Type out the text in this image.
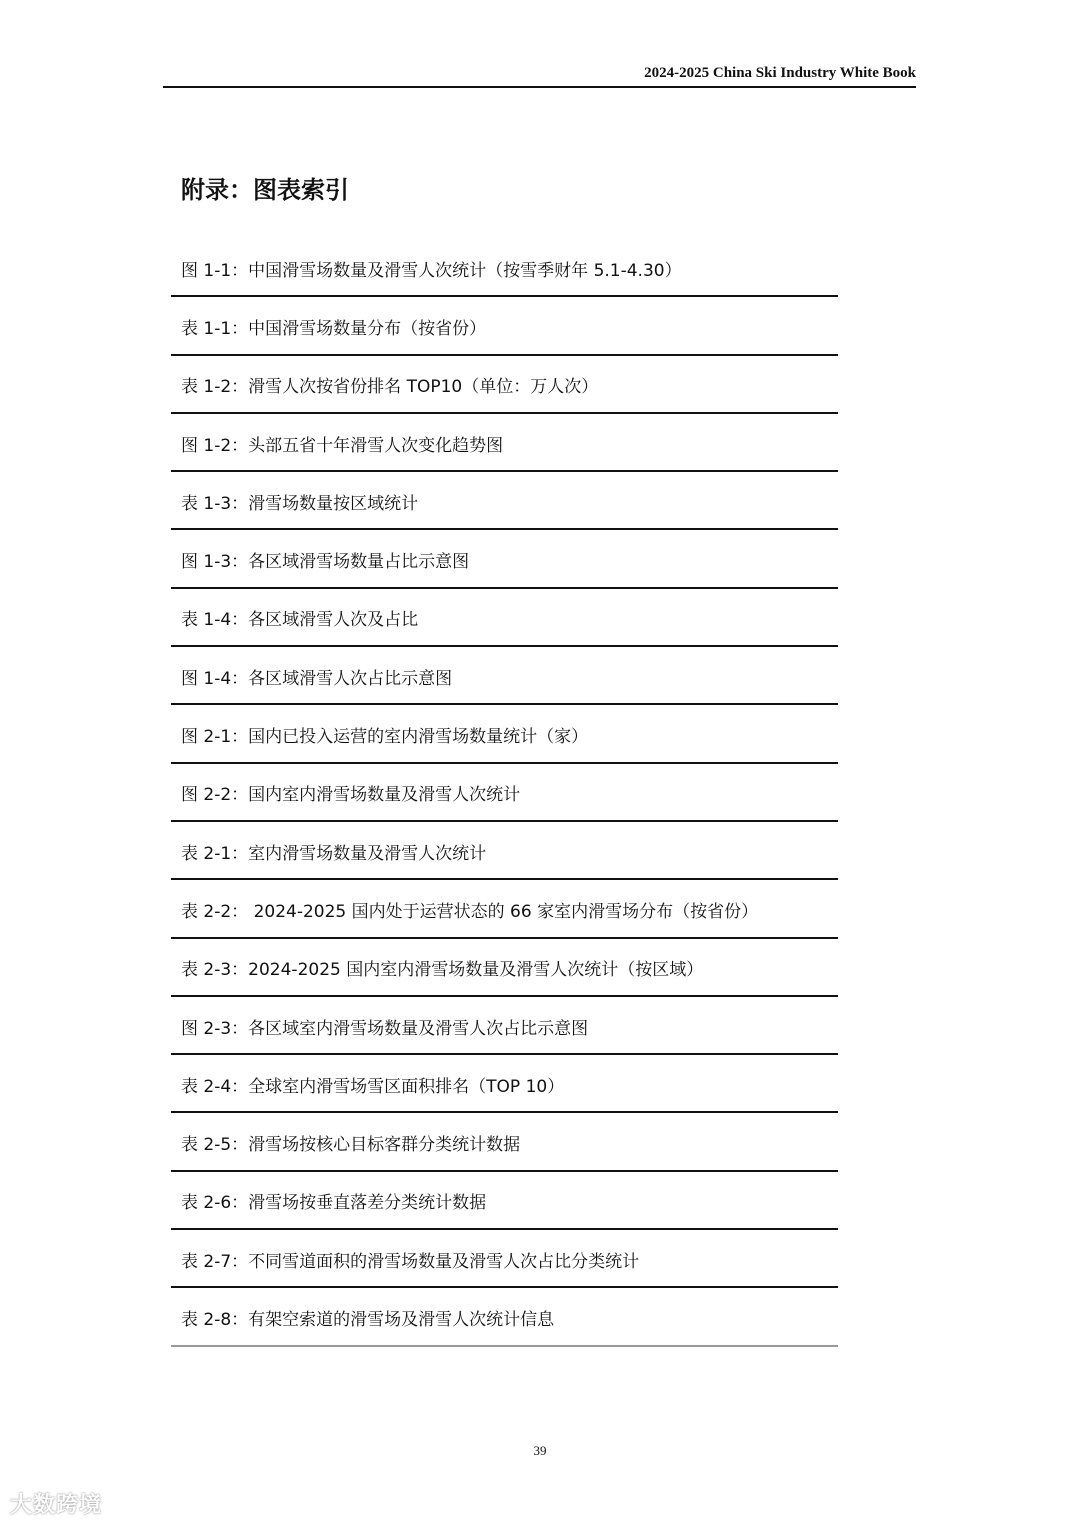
2024-2025 China Ski Industry White Book
附录：图表索引
图 1-1：中国滑雪场数量及滑雪人次统计（按雪季财年 5.1-4.30）
表 1-1：中国滑雪场数量分布（按省份）
表 1-2：滑雪人次按省份排名 TOP10（单位：万人次）
图 1-2：头部五省十年滑雪人次变化趋势图
表 1-3：滑雪场数量按区域统计
图 1-3：各区域滑雪场数量占比示意图
表 1-4：各区域滑雪人次及占比
图 1-4：各区域滑雪人次占比示意图
图 2-1：国内已投入运营的室内滑雪场数量统计（家）
图 2-2：国内室内滑雪场数量及滑雪人次统计
表 2-1：室内滑雪场数量及滑雪人次统计
表 2-2： 2024-2025 国内处于运营状态的 66 家室内滑雪场分布（按省份）
表 2-3：2024-2025 国内室内滑雪场数量及滑雪人次统计（按区域）
图 2-3：各区域室内滑雪场数量及滑雪人次占比示意图
表 2-4：全球室内滑雪场雪区面积排名（TOP 10）
表 2-5：滑雪场按核心目标客群分类统计数据
表 2-6：滑雪场按垂直落差分类统计数据
表 2-7：不同雪道面积的滑雪场数量及滑雪人次占比分类统计
表 2-8：有架空索道的滑雪场及滑雪人次统计信息
39
大数跨境
